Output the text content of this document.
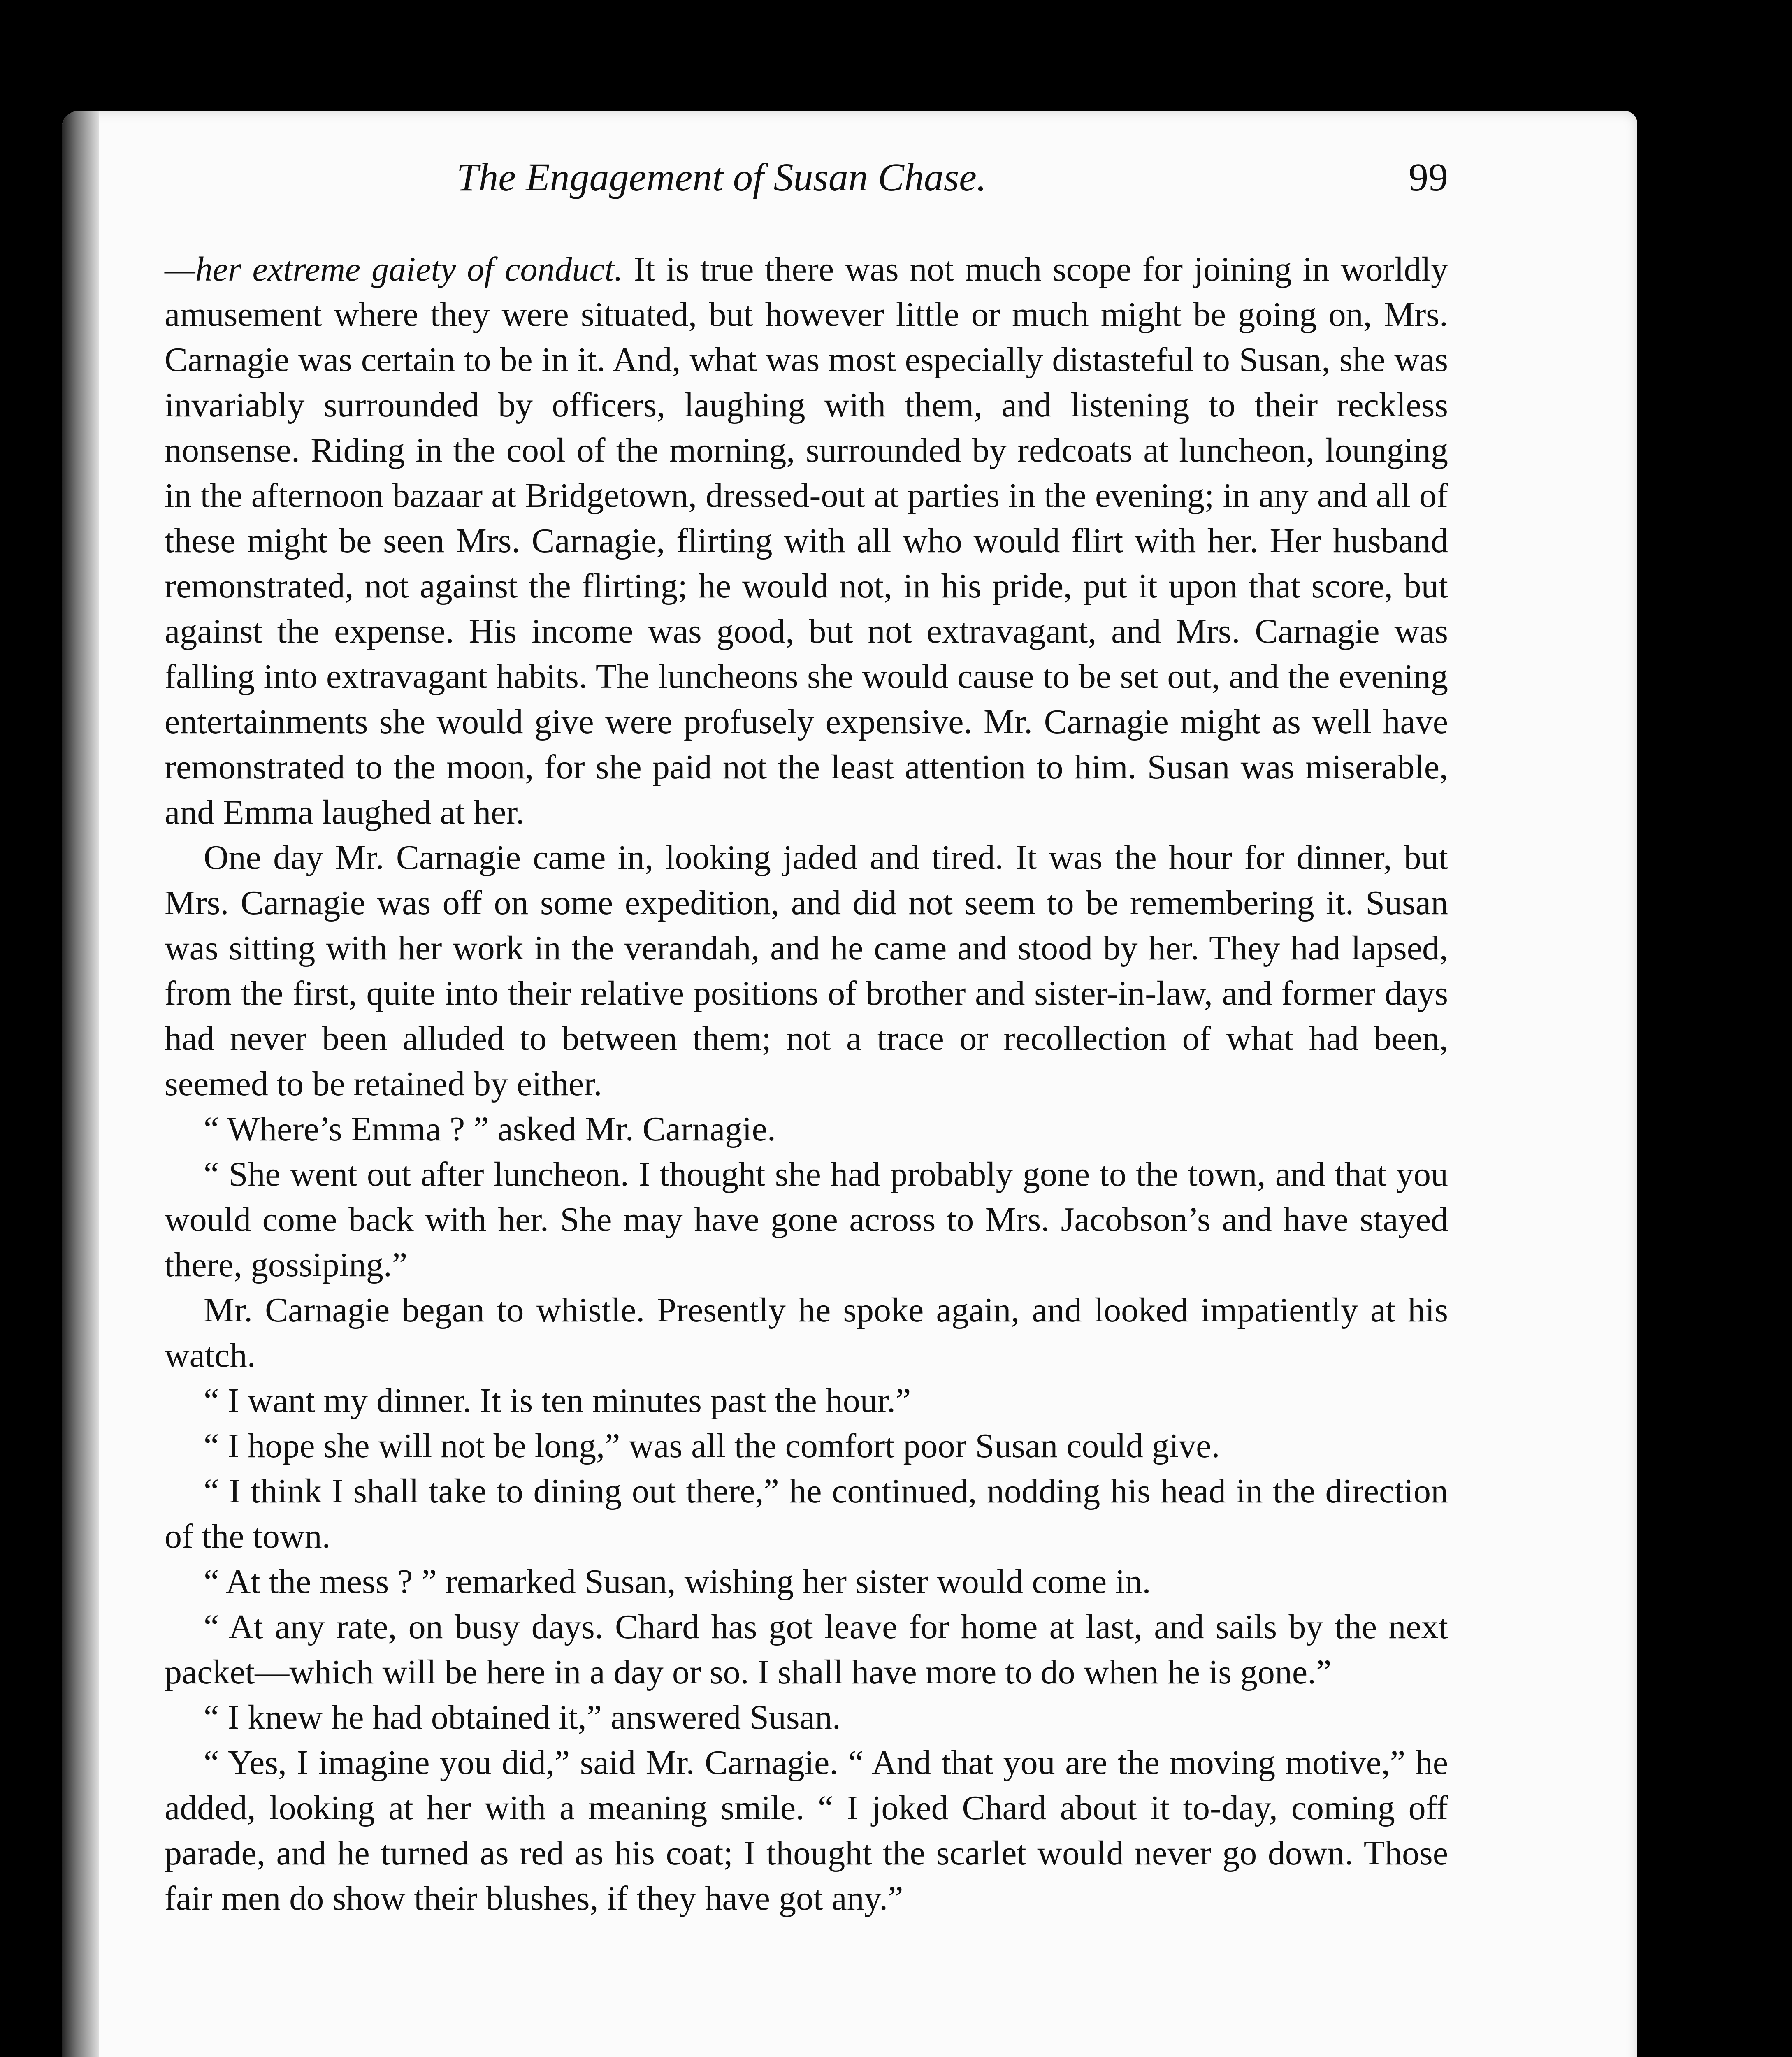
The Engagement of Susan Chase.	99

—her extreme gaiety of conduct. It is true there was not much scope for joining in worldly amusement where they were situated, but however little or much might be going on, Mrs. Carnagie was certain to be in it. And, what was most especially distasteful to Susan, she was invariably surrounded by officers, laughing with them, and listening to their reckless nonsense. Riding in the cool of the morning, surrounded by redcoats at luncheon, lounging in the afternoon bazaar at Bridgetown, dressed-out at parties in the evening; in any and all of these might be seen Mrs. Carnagie, flirting with all who would flirt with her. Her husband remonstrated, not against the flirting; he would not, in his pride, put it upon that score, but against the expense. His income was good, but not extravagant, and Mrs. Carnagie was falling into extravagant habits. The luncheons she would cause to be set out, and the evening entertainments she would give were profusely expensive. Mr. Carnagie might as well have remonstrated to the moon, for she paid not the least attention to him. Susan was miserable, and Emma laughed at her.

One day Mr. Carnagie came in, looking jaded and tired. It was the hour for dinner, but Mrs. Carnagie was off on some expedition, and did not seem to be remembering it. Susan was sitting with her work in the verandah, and he came and stood by her. They had lapsed, from the first, quite into their relative positions of brother and sister-in-law, and former days had never been alluded to between them; not a trace or recollection of what had been, seemed to be retained by either.

“ Where’s Emma ? ” asked Mr. Carnagie.

“ She went out after luncheon. I thought she had probably gone to the town, and that you would come back with her. She may have gone across to Mrs. Jacobson’s and have stayed there, gossiping.”

Mr. Carnagie began to whistle. Presently he spoke again, and looked impatiently at his watch.

“ I want my dinner. It is ten minutes past the hour.”

“ I hope she will not be long,” was all the comfort poor Susan could give.

“ I think I shall take to dining out there,” he continued, nodding his head in the direction of the town.

“ At the mess ? ” remarked Susan, wishing her sister would come in.

“ At any rate, on busy days. Chard has got leave for home at last, and sails by the next packet—which will be here in a day or so. I shall have more to do when he is gone.”

“ I knew he had obtained it,” answered Susan.

“ Yes, I imagine you did,” said Mr. Carnagie. “ And that you are the moving motive,” he added, looking at her with a meaning smile. “ I joked Chard about it to-day, coming off parade, and he turned as red as his coat; I thought the scarlet would never go down. Those fair men do show their blushes, if they have got any.”
